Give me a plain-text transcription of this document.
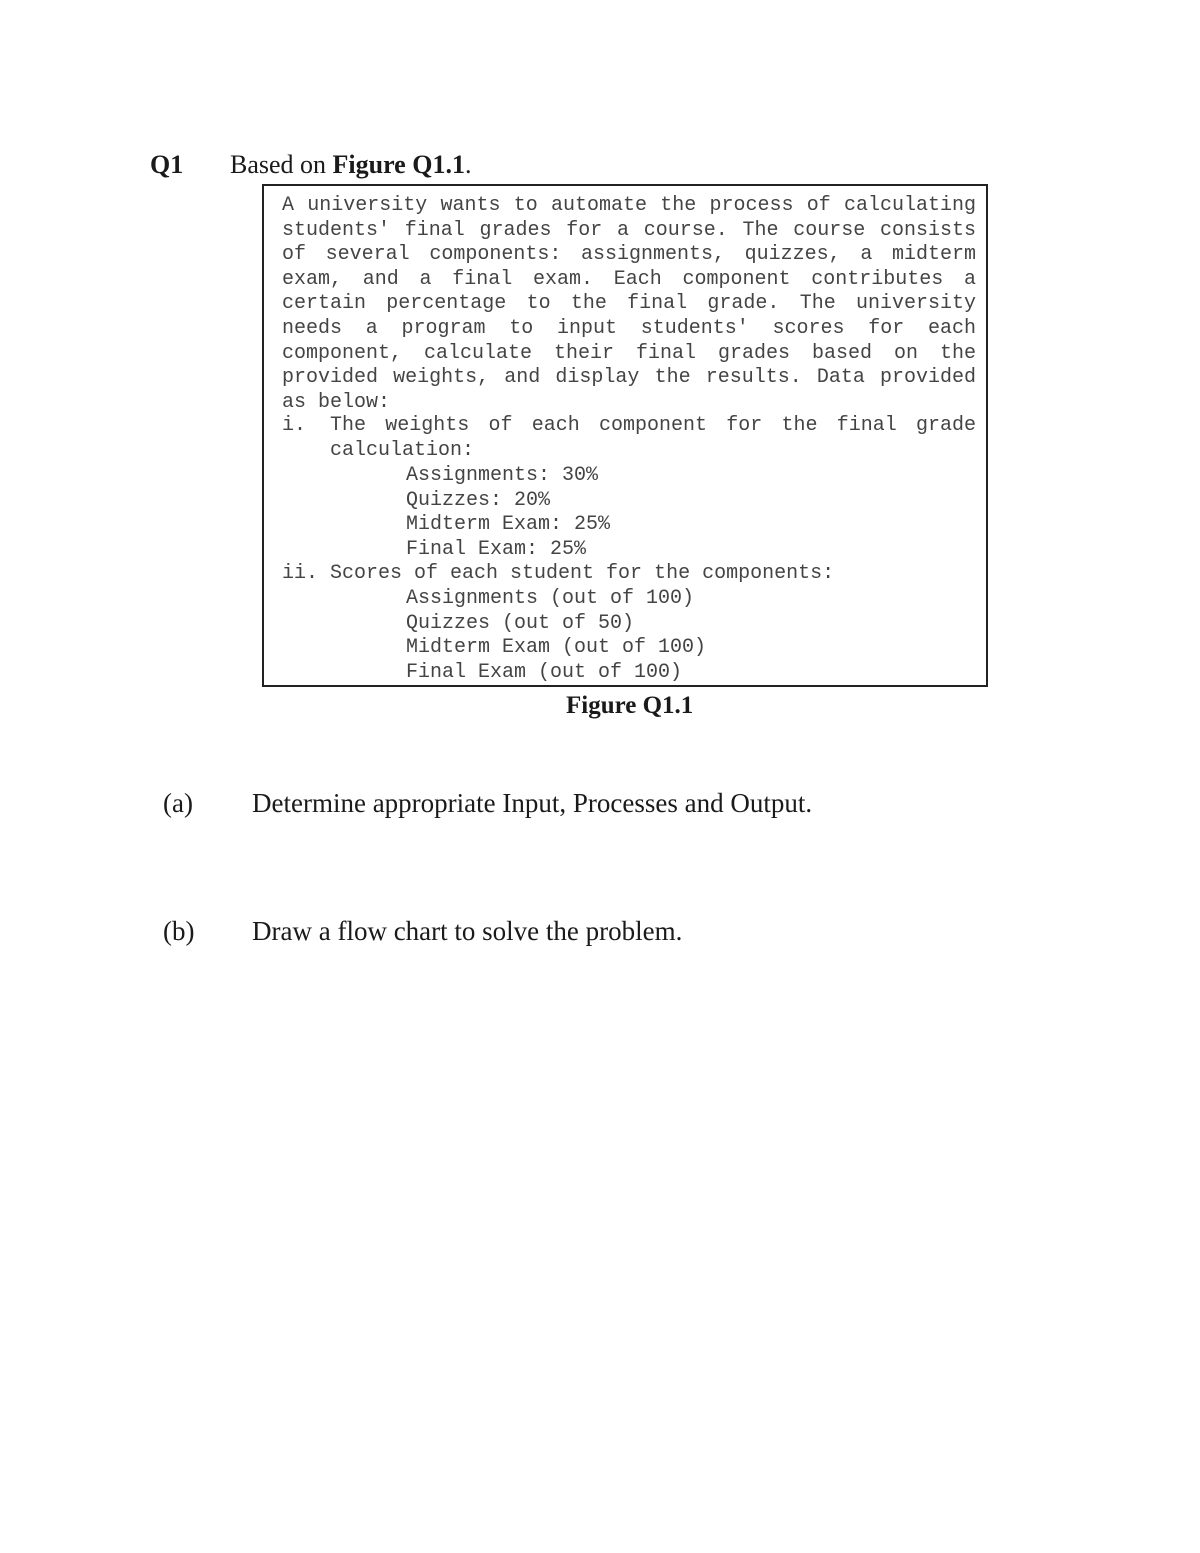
Q1 Based on Figure Q1.1.
A university wants to automate the process of calculating students' final grades for a course. The course consists of several components: assignments, quizzes, a midterm exam, and a final exam. Each component contributes a certain percentage to the final grade. The university needs a program to input students' scores for each component, calculate their final grades based on the provided weights, and display the results. Data provided as below:
i. The weights of each component for the final grade calculation:
Assignments: 30%
Quizzes: 20%
Midterm Exam: 25%
Final Exam: 25%
ii. Scores of each student for the components:
Assignments (out of 100)
Quizzes (out of 50)
Midterm Exam (out of 100)
Final Exam (out of 100)
Figure Q1.1
(a) Determine appropriate Input, Processes and Output.
(b) Draw a flow chart to solve the problem.
